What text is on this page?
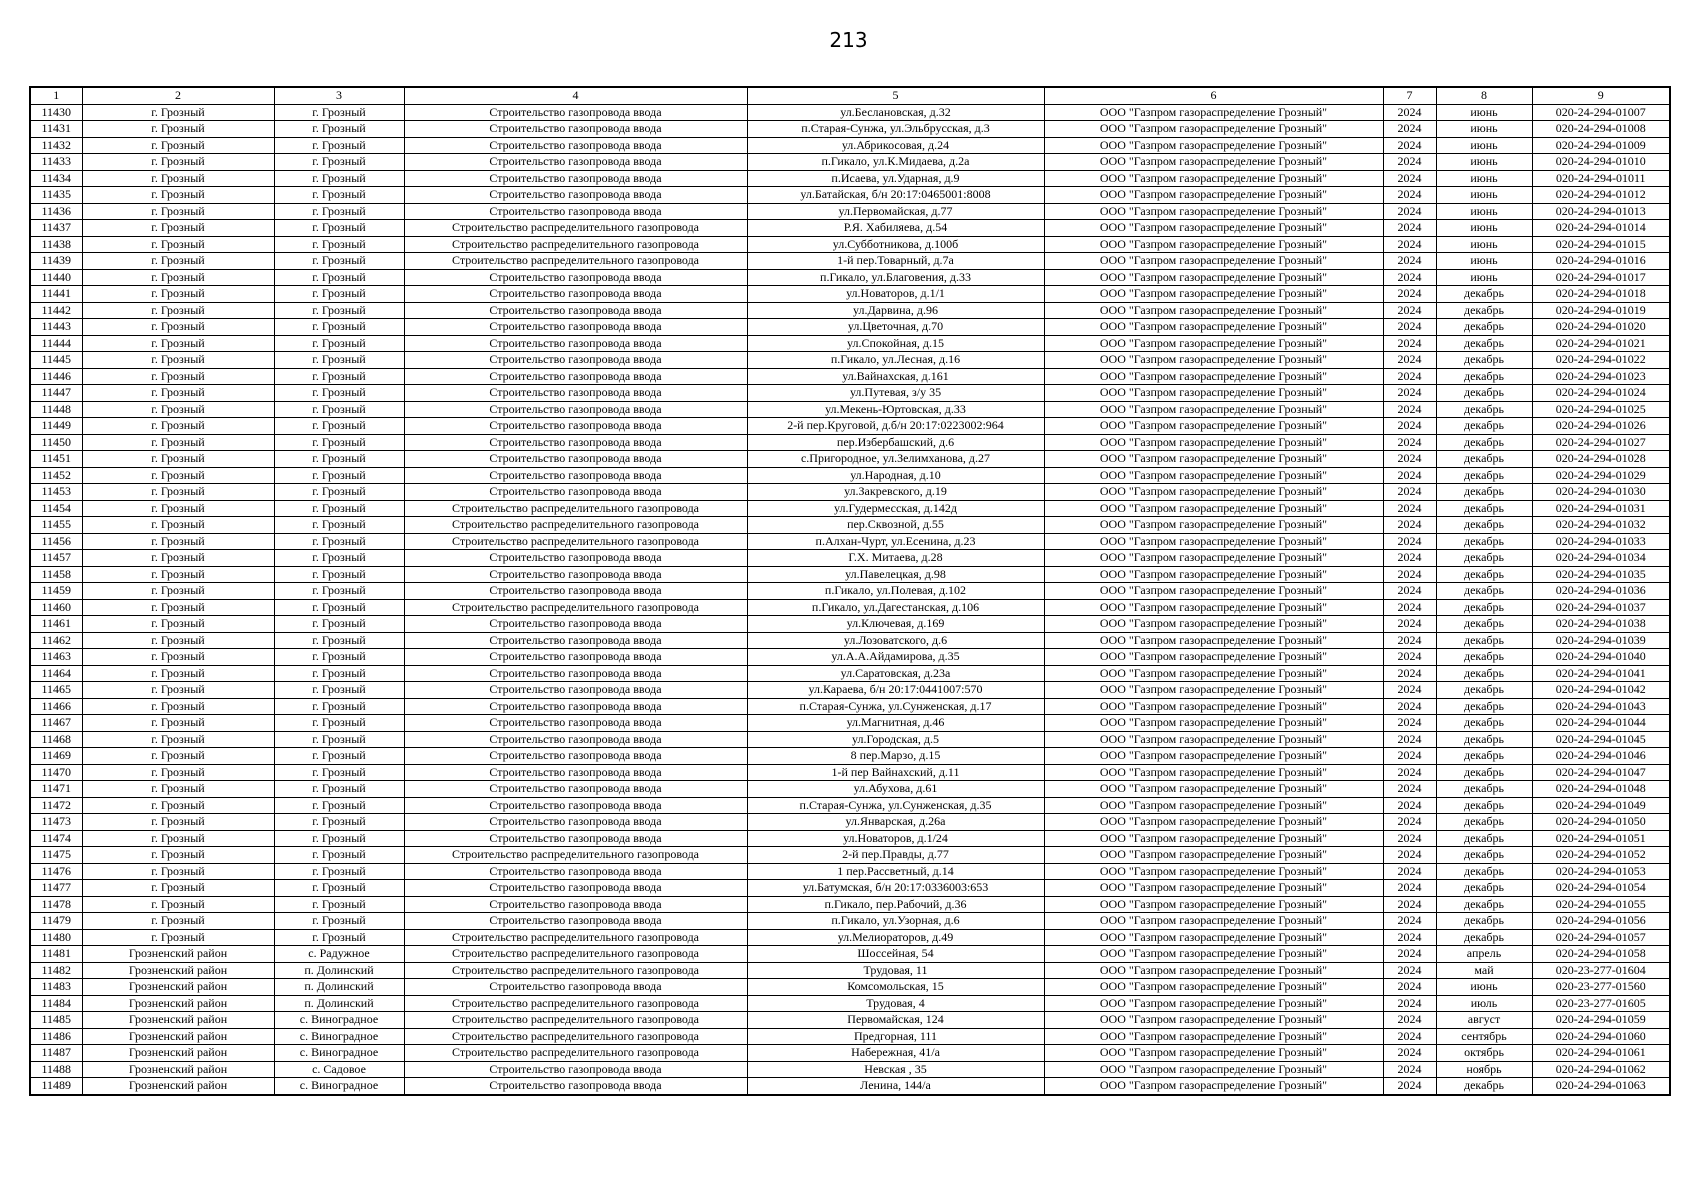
213
1	2	3	4	5	6	7	8	9
11430	г. Грозный	г. Грозный	Строительство газопровода ввода	ул.Беслановская, д.32	ООО "Газпром газораспределение Грозный"	2024	июнь	020-24-294-01007
11431	г. Грозный	г. Грозный	Строительство газопровода ввода	п.Старая-Сунжа, ул.Эльбрусская, д.3	ООО "Газпром газораспределение Грозный"	2024	июнь	020-24-294-01008
11432	г. Грозный	г. Грозный	Строительство газопровода ввода	ул.Абрикосовая, д.24	ООО "Газпром газораспределение Грозный"	2024	июнь	020-24-294-01009
11433	г. Грозный	г. Грозный	Строительство газопровода ввода	п.Гикало, ул.К.Мидаева, д.2а	ООО "Газпром газораспределение Грозный"	2024	июнь	020-24-294-01010
11434	г. Грозный	г. Грозный	Строительство газопровода ввода	п.Исаева, ул.Ударная, д.9	ООО "Газпром газораспределение Грозный"	2024	июнь	020-24-294-01011
11435	г. Грозный	г. Грозный	Строительство газопровода ввода	ул.Батайская, б/н 20:17:0465001:8008	ООО "Газпром газораспределение Грозный"	2024	июнь	020-24-294-01012
11436	г. Грозный	г. Грозный	Строительство газопровода ввода	ул.Первомайская, д.77	ООО "Газпром газораспределение Грозный"	2024	июнь	020-24-294-01013
11437	г. Грозный	г. Грозный	Строительство распределительного газопровода	Р.Я. Хабиляева, д.54	ООО "Газпром газораспределение Грозный"	2024	июнь	020-24-294-01014
11438	г. Грозный	г. Грозный	Строительство распределительного газопровода	ул.Субботникова, д.100б	ООО "Газпром газораспределение Грозный"	2024	июнь	020-24-294-01015
11439	г. Грозный	г. Грозный	Строительство распределительного газопровода	1-й пер.Товарный, д.7а	ООО "Газпром газораспределение Грозный"	2024	июнь	020-24-294-01016
11440	г. Грозный	г. Грозный	Строительство газопровода ввода	п.Гикало, ул.Благовения, д.33	ООО "Газпром газораспределение Грозный"	2024	июнь	020-24-294-01017
11441	г. Грозный	г. Грозный	Строительство газопровода ввода	ул.Новаторов, д.1/1	ООО "Газпром газораспределение Грозный"	2024	декабрь	020-24-294-01018
11442	г. Грозный	г. Грозный	Строительство газопровода ввода	ул.Дарвина, д.96	ООО "Газпром газораспределение Грозный"	2024	декабрь	020-24-294-01019
11443	г. Грозный	г. Грозный	Строительство газопровода ввода	ул.Цветочная, д.70	ООО "Газпром газораспределение Грозный"	2024	декабрь	020-24-294-01020
11444	г. Грозный	г. Грозный	Строительство газопровода ввода	ул.Спокойная, д.15	ООО "Газпром газораспределение Грозный"	2024	декабрь	020-24-294-01021
11445	г. Грозный	г. Грозный	Строительство газопровода ввода	п.Гикало, ул.Лесная, д.16	ООО "Газпром газораспределение Грозный"	2024	декабрь	020-24-294-01022
11446	г. Грозный	г. Грозный	Строительство газопровода ввода	ул.Вайнахская, д.161	ООО "Газпром газораспределение Грозный"	2024	декабрь	020-24-294-01023
11447	г. Грозный	г. Грозный	Строительство газопровода ввода	ул.Путевая, з/у 35	ООО "Газпром газораспределение Грозный"	2024	декабрь	020-24-294-01024
11448	г. Грозный	г. Грозный	Строительство газопровода ввода	ул.Мекень-Юртовская, д.33	ООО "Газпром газораспределение Грозный"	2024	декабрь	020-24-294-01025
11449	г. Грозный	г. Грозный	Строительство газопровода ввода	2-й пер.Круговой, д.б/н 20:17:0223002:964	ООО "Газпром газораспределение Грозный"	2024	декабрь	020-24-294-01026
11450	г. Грозный	г. Грозный	Строительство газопровода ввода	пер.Избербашский, д.6	ООО "Газпром газораспределение Грозный"	2024	декабрь	020-24-294-01027
11451	г. Грозный	г. Грозный	Строительство газопровода ввода	с.Пригородное, ул.Зелимханова, д.27	ООО "Газпром газораспределение Грозный"	2024	декабрь	020-24-294-01028
11452	г. Грозный	г. Грозный	Строительство газопровода ввода	ул.Народная, д.10	ООО "Газпром газораспределение Грозный"	2024	декабрь	020-24-294-01029
11453	г. Грозный	г. Грозный	Строительство газопровода ввода	ул.Закревского, д.19	ООО "Газпром газораспределение Грозный"	2024	декабрь	020-24-294-01030
11454	г. Грозный	г. Грозный	Строительство распределительного газопровода	ул.Гудермесская, д.142д	ООО "Газпром газораспределение Грозный"	2024	декабрь	020-24-294-01031
11455	г. Грозный	г. Грозный	Строительство распределительного газопровода	пер.Сквозной, д.55	ООО "Газпром газораспределение Грозный"	2024	декабрь	020-24-294-01032
11456	г. Грозный	г. Грозный	Строительство распределительного газопровода	п.Алхан-Чурт, ул.Есенина, д.23	ООО "Газпром газораспределение Грозный"	2024	декабрь	020-24-294-01033
11457	г. Грозный	г. Грозный	Строительство газопровода ввода	Г.Х. Митаева, д.28	ООО "Газпром газораспределение Грозный"	2024	декабрь	020-24-294-01034
11458	г. Грозный	г. Грозный	Строительство газопровода ввода	ул.Павелецкая, д.98	ООО "Газпром газораспределение Грозный"	2024	декабрь	020-24-294-01035
11459	г. Грозный	г. Грозный	Строительство газопровода ввода	п.Гикало, ул.Полевая, д.102	ООО "Газпром газораспределение Грозный"	2024	декабрь	020-24-294-01036
11460	г. Грозный	г. Грозный	Строительство распределительного газопровода	п.Гикало, ул.Дагестанская, д.106	ООО "Газпром газораспределение Грозный"	2024	декабрь	020-24-294-01037
11461	г. Грозный	г. Грозный	Строительство газопровода ввода	ул.Ключевая, д.169	ООО "Газпром газораспределение Грозный"	2024	декабрь	020-24-294-01038
11462	г. Грозный	г. Грозный	Строительство газопровода ввода	ул.Лозоватского, д.6	ООО "Газпром газораспределение Грозный"	2024	декабрь	020-24-294-01039
11463	г. Грозный	г. Грозный	Строительство газопровода ввода	ул.А.А.Айдамирова, д.35	ООО "Газпром газораспределение Грозный"	2024	декабрь	020-24-294-01040
11464	г. Грозный	г. Грозный	Строительство газопровода ввода	ул.Саратовская, д.23а	ООО "Газпром газораспределение Грозный"	2024	декабрь	020-24-294-01041
11465	г. Грозный	г. Грозный	Строительство газопровода ввода	ул.Караева, б/н 20:17:0441007:570	ООО "Газпром газораспределение Грозный"	2024	декабрь	020-24-294-01042
11466	г. Грозный	г. Грозный	Строительство газопровода ввода	п.Старая-Сунжа, ул.Сунженская, д.17	ООО "Газпром газораспределение Грозный"	2024	декабрь	020-24-294-01043
11467	г. Грозный	г. Грозный	Строительство газопровода ввода	ул.Магнитная, д.46	ООО "Газпром газораспределение Грозный"	2024	декабрь	020-24-294-01044
11468	г. Грозный	г. Грозный	Строительство газопровода ввода	ул.Городская, д.5	ООО "Газпром газораспределение Грозный"	2024	декабрь	020-24-294-01045
11469	г. Грозный	г. Грозный	Строительство газопровода ввода	8 пер.Марзо, д.15	ООО "Газпром газораспределение Грозный"	2024	декабрь	020-24-294-01046
11470	г. Грозный	г. Грозный	Строительство газопровода ввода	1-й пер Вайнахский, д.11	ООО "Газпром газораспределение Грозный"	2024	декабрь	020-24-294-01047
11471	г. Грозный	г. Грозный	Строительство газопровода ввода	ул.Абухова, д.61	ООО "Газпром газораспределение Грозный"	2024	декабрь	020-24-294-01048
11472	г. Грозный	г. Грозный	Строительство газопровода ввода	п.Старая-Сунжа, ул.Сунженская, д.35	ООО "Газпром газораспределение Грозный"	2024	декабрь	020-24-294-01049
11473	г. Грозный	г. Грозный	Строительство газопровода ввода	ул.Январская, д.26а	ООО "Газпром газораспределение Грозный"	2024	декабрь	020-24-294-01050
11474	г. Грозный	г. Грозный	Строительство газопровода ввода	ул.Новаторов, д.1/24	ООО "Газпром газораспределение Грозный"	2024	декабрь	020-24-294-01051
11475	г. Грозный	г. Грозный	Строительство распределительного газопровода	2-й пер.Правды, д.77	ООО "Газпром газораспределение Грозный"	2024	декабрь	020-24-294-01052
11476	г. Грозный	г. Грозный	Строительство газопровода ввода	1 пер.Рассветный, д.14	ООО "Газпром газораспределение Грозный"	2024	декабрь	020-24-294-01053
11477	г. Грозный	г. Грозный	Строительство газопровода ввода	ул.Батумская, б/н 20:17:0336003:653	ООО "Газпром газораспределение Грозный"	2024	декабрь	020-24-294-01054
11478	г. Грозный	г. Грозный	Строительство газопровода ввода	п.Гикало, пер.Рабочий, д.36	ООО "Газпром газораспределение Грозный"	2024	декабрь	020-24-294-01055
11479	г. Грозный	г. Грозный	Строительство газопровода ввода	п.Гикало, ул.Узорная, д.6	ООО "Газпром газораспределение Грозный"	2024	декабрь	020-24-294-01056
11480	г. Грозный	г. Грозный	Строительство распределительного газопровода	ул.Мелиораторов, д.49	ООО "Газпром газораспределение Грозный"	2024	декабрь	020-24-294-01057
11481	Грозненский район	с. Радужное	Строительство распределительного газопровода	Шоссейная, 54	ООО "Газпром газораспределение Грозный"	2024	апрель	020-24-294-01058
11482	Грозненский район	п. Долинский	Строительство распределительного газопровода	Трудовая, 11	ООО "Газпром газораспределение Грозный"	2024	май	020-23-277-01604
11483	Грозненский район	п. Долинский	Строительство газопровода ввода	Комсомольская, 15	ООО "Газпром газораспределение Грозный"	2024	июнь	020-23-277-01560
11484	Грозненский район	п. Долинский	Строительство распределительного газопровода	Трудовая, 4	ООО "Газпром газораспределение Грозный"	2024	июль	020-23-277-01605
11485	Грозненский район	с. Виноградное	Строительство распределительного газопровода	Первомайская, 124	ООО "Газпром газораспределение Грозный"	2024	август	020-24-294-01059
11486	Грозненский район	с. Виноградное	Строительство распределительного газопровода	Предгорная, 111	ООО "Газпром газораспределение Грозный"	2024	сентябрь	020-24-294-01060
11487	Грозненский район	с. Виноградное	Строительство распределительного газопровода	Набережная, 41/а	ООО "Газпром газораспределение Грозный"	2024	октябрь	020-24-294-01061
11488	Грозненский район	с. Садовое	Строительство газопровода ввода	Невская , 35	ООО "Газпром газораспределение Грозный"	2024	ноябрь	020-24-294-01062
11489	Грозненский район	с. Виноградное	Строительство газопровода ввода	Ленина, 144/а	ООО "Газпром газораспределение Грозный"	2024	декабрь	020-24-294-01063
